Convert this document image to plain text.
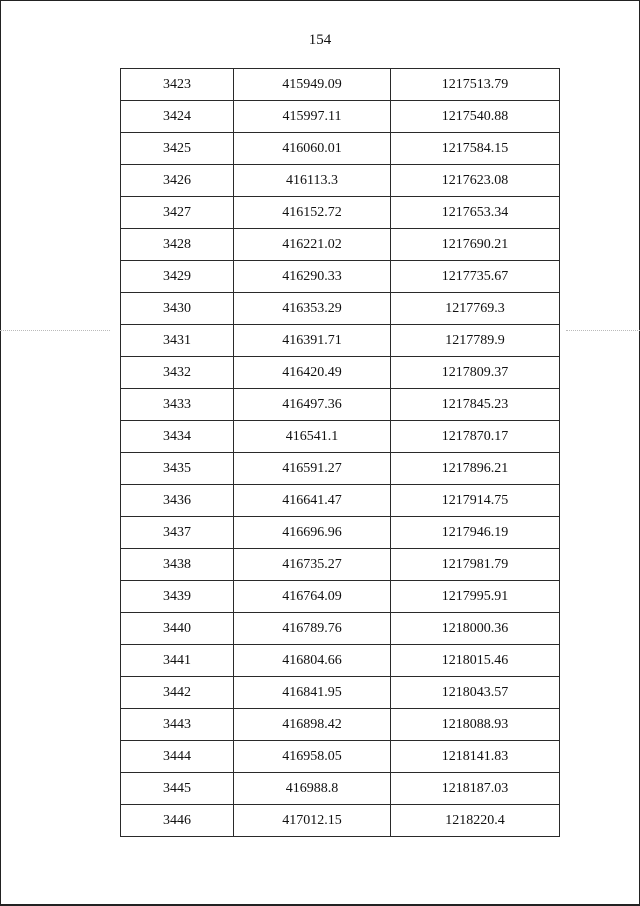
154
3423	415949.09	1217513.79
3424	415997.11	1217540.88
3425	416060.01	1217584.15
3426	416113.3	1217623.08
3427	416152.72	1217653.34
3428	416221.02	1217690.21
3429	416290.33	1217735.67
3430	416353.29	1217769.3
3431	416391.71	1217789.9
3432	416420.49	1217809.37
3433	416497.36	1217845.23
3434	416541.1	1217870.17
3435	416591.27	1217896.21
3436	416641.47	1217914.75
3437	416696.96	1217946.19
3438	416735.27	1217981.79
3439	416764.09	1217995.91
3440	416789.76	1218000.36
3441	416804.66	1218015.46
3442	416841.95	1218043.57
3443	416898.42	1218088.93
3444	416958.05	1218141.83
3445	416988.8	1218187.03
3446	417012.15	1218220.4
